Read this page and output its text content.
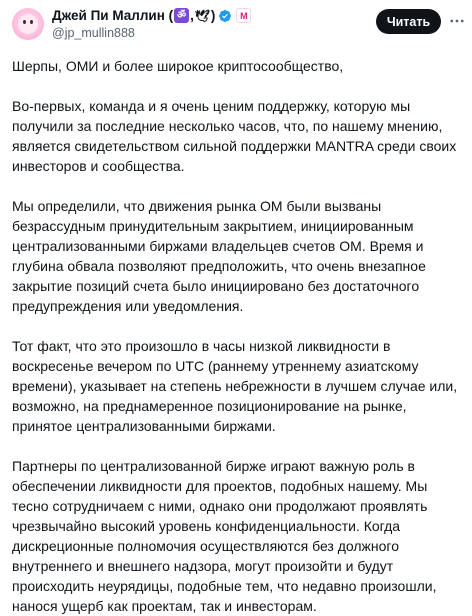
Джей Пи Маллин ( ॐ , 🕊 )	M
@jp_mullin888
Читать

Шерпы, ОМИ и более широкое криптосообщество,

Во-первых, команда и я очень ценим поддержку, которую мы получили за последние несколько часов, что, по нашему мнению, является свидетельством сильной поддержки MANTRA среди своих инвесторов и сообщества.

Мы определили, что движения рынка OM были вызваны безрассудным принудительным закрытием, инициированным централизованными биржами владельцев счетов OM. Время и глубина обвала позволяют предположить, что очень внезапное закрытие позиций счета было инициировано без достаточного предупреждения или уведомления.

Тот факт, что это произошло в часы низкой ликвидности в воскресенье вечером по UTC (раннему утреннему азиатскому времени), указывает на степень небрежности в лучшем случае или, возможно, на преднамеренное позиционирование на рынке, принятое централизованными биржами.

Партнеры по централизованной бирже играют важную роль в обеспечении ликвидности для проектов, подобных нашему. Мы тесно сотрудничаем с ними, однако они продолжают проявлять чрезвычайно высокий уровень конфиденциальности. Когда дискреционные полномочия осуществляются без должного внутреннего и внешнего надзора, могут произойти и будут происходить неурядицы, подобные тем, что недавно произошли, нанося ущерб как проектам, так и инвесторам.
